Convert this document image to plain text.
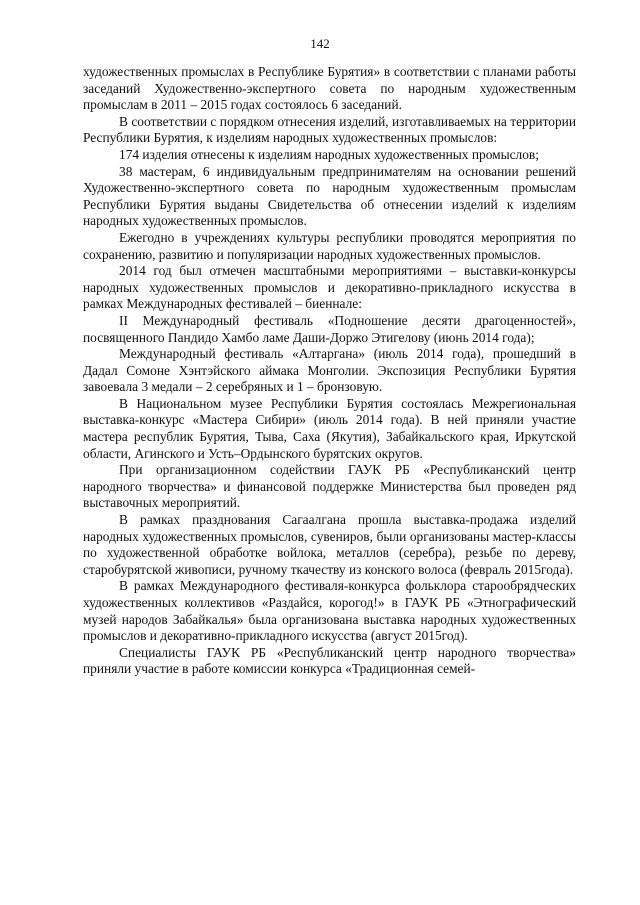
142

художественных промыслах в Республике Бурятия» в соответствии с планами работы заседаний Художественно-экспертного совета по народным художественным промыслам в 2011 – 2015 годах состоялось 6 заседаний.

В соответствии с порядком отнесения изделий, изготавливаемых на территории Республики Бурятия, к изделиям народных художественных промыслов:

174 изделия отнесены к изделиям народных художественных промыслов;

38 мастерам, 6 индивидуальным предпринимателям на основании решений Художественно-экспертного совета по народным художественным промыслам Республики Бурятия выданы Свидетельства об отнесении изделий к изделиям народных художественных промыслов.

Ежегодно в учреждениях культуры республики проводятся мероприятия по сохранению, развитию и популяризации народных художественных промыслов.

2014 год был отмечен масштабными мероприятиями – выставки-конкурсы народных художественных промыслов и декоративно-прикладного искусства в рамках Международных фестивалей – биеннале:

II Международный фестиваль «Подношение десяти драгоценностей», посвященного Пандидо Хамбо ламе Даши-Доржо Этигелову (июнь 2014 года);

Международный фестиваль «Алтаргана» (июль 2014 года), прошедший в Дадал Сомоне Хэнтэйского аймака Монголии. Экспозиция Республики Бурятия завоевала 3 медали – 2 серебряных и 1 – бронзовую.

В Национальном музее Республики Бурятия состоялась Межрегиональная выставка-конкурс «Мастера Сибири» (июль 2014 года). В ней приняли участие мастера республик Бурятия, Тыва, Саха (Якутия), Забайкальского края, Иркутской области, Агинского и Усть–Ордынского бурятских округов.

При организационном содействии ГАУК РБ «Республиканский центр народного творчества» и финансовой поддержке Министерства был проведен ряд выставочных мероприятий.

В рамках празднования Сагаалгана прошла выставка-продажа изделий народных художественных промыслов, сувениров, были организованы мастер-классы по художественной обработке войлока, металлов (серебра), резьбе по дереву, старобурятской живописи, ручному ткачеству из конского волоса (февраль 2015года).

В рамках Международного фестиваля-конкурса фольклора старообрядческих художественных коллективов «Раздайся, корогод!» в ГАУК РБ «Этнографический музей народов Забайкалья» была организована выставка народных художественных промыслов и декоративно-прикладного искусства (август 2015год).

Специалисты ГАУК РБ «Республиканский центр народного творчества» приняли участие в работе комиссии конкурса «Традиционная семей-
